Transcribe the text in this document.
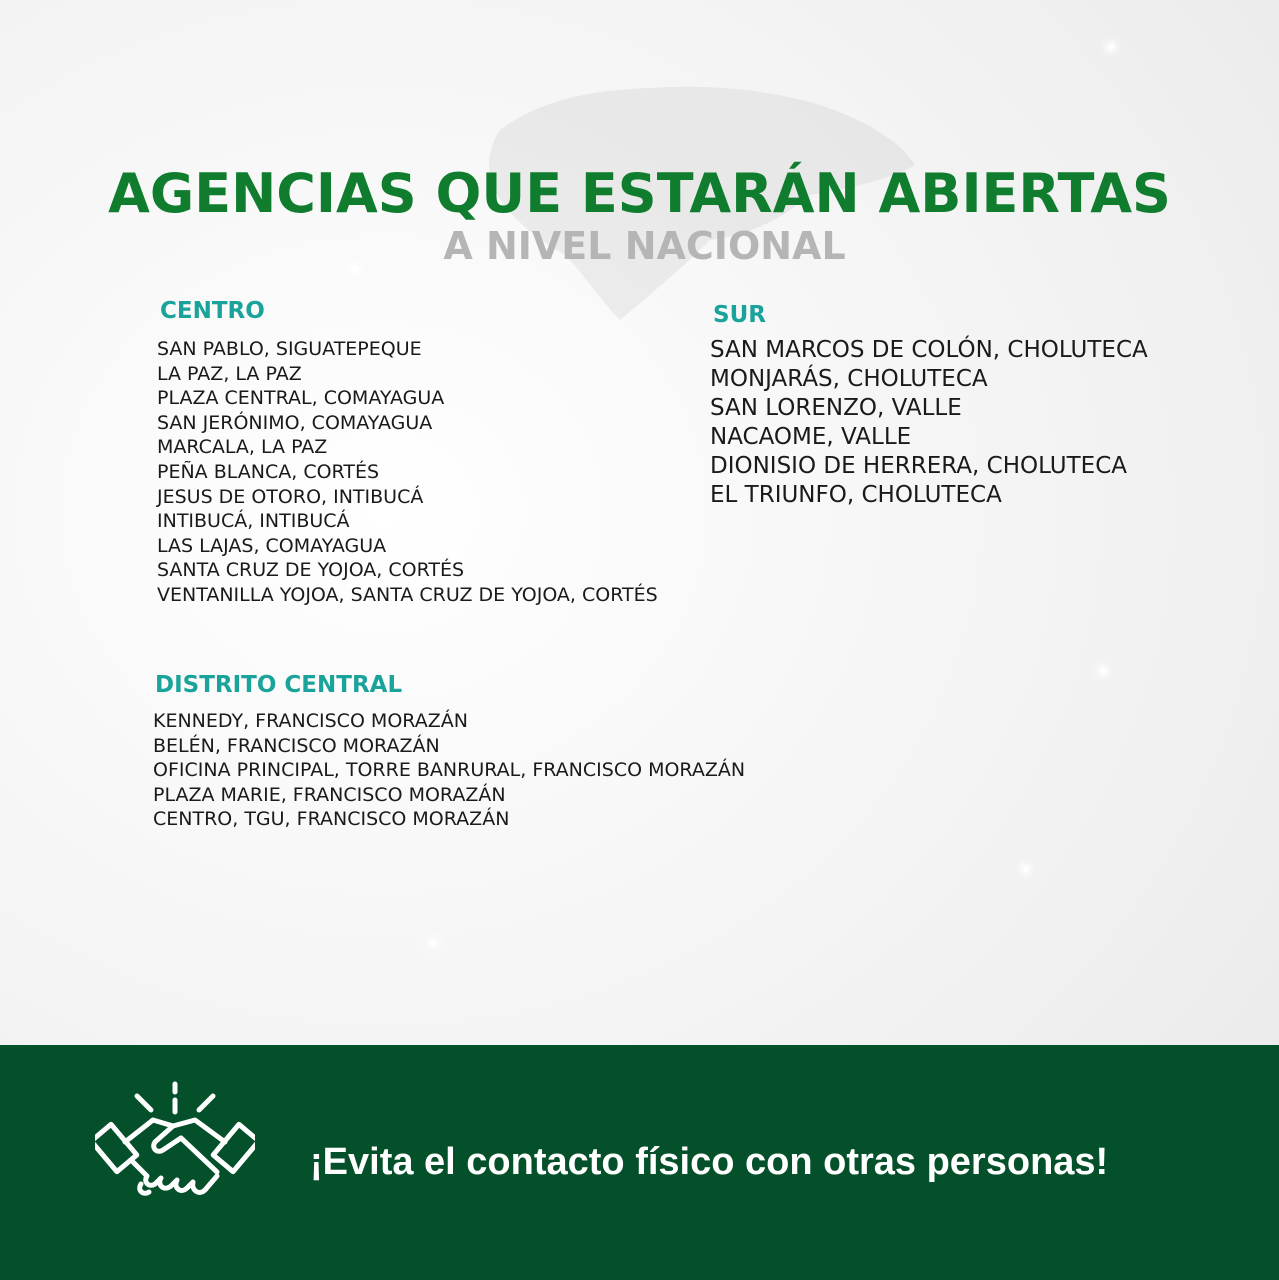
AGENCIAS QUE ESTARÁN ABIERTAS
A NIVEL NACIONAL
CENTRO
SAN PABLO, SIGUATEPEQUE
LA PAZ, LA PAZ
PLAZA CENTRAL, COMAYAGUA
SAN JERÓNIMO, COMAYAGUA
MARCALA, LA PAZ
PEÑA BLANCA, CORTÉS
JESUS DE OTORO, INTIBUCÁ
INTIBUCÁ, INTIBUCÁ
LAS LAJAS, COMAYAGUA
SANTA CRUZ DE YOJOA, CORTÉS
VENTANILLA YOJOA, SANTA CRUZ DE YOJOA, CORTÉS
SUR
SAN MARCOS DE COLÓN, CHOLUTECA
MONJARÁS, CHOLUTECA
SAN LORENZO, VALLE
NACAOME, VALLE
DIONISIO DE HERRERA, CHOLUTECA
EL TRIUNFO, CHOLUTECA
DISTRITO CENTRAL
KENNEDY, FRANCISCO MORAZÁN
BELÉN, FRANCISCO MORAZÁN
OFICINA PRINCIPAL, TORRE BANRURAL, FRANCISCO MORAZÁN
PLAZA MARIE, FRANCISCO MORAZÁN
CENTRO, TGU, FRANCISCO MORAZÁN
¡Evita el contacto físico con otras personas!
